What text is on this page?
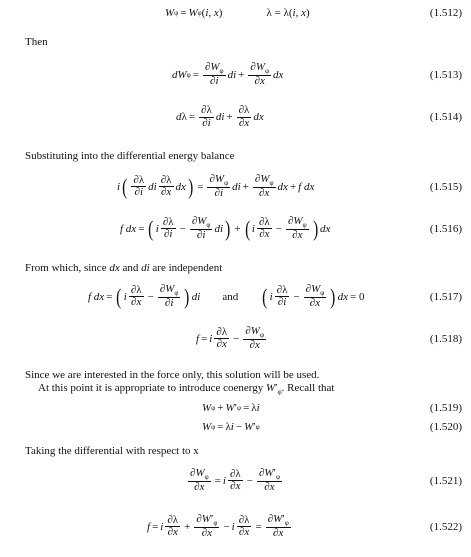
W φ = W φ (i, x)	λ = λ(i, x)	(1.512)
Then
dW $\varphi = \frac{\partial W_\varphi}{\partial i}$ di + $\frac{\partial W_\varphi}{\partial x}$ dx	(1.513)
d $\lambda = \frac{\partial\lambda}{\partial i}$ di + $\frac{\partial\lambda}{\partial x}$ dx	(1.514)
Substituting into the differential energy balance
i ( $\frac{\partial\lambda}{\partial i}$ di $\frac{\partial\lambda}{\partial x}$ dx ) = $\frac{\partial W_\varphi}{\partial i}$ di + $\frac{\partial W_\varphi}{\partial x}$ dx + f dx	(1.515)
f dx = ( i $\frac{\partial\lambda}{\partial i} - \frac{\partial W_\varphi}{\partial i}$ di ) + ( i $\frac{\partial\lambda}{\partial x} - \frac{\partial W_\varphi}{\partial x}$ ) dx	(1.516)
From which, since dx and di are independent
f dx = ( i $\frac{\partial\lambda}{\partial x} - \frac{\partial W_\varphi}{\partial i}$ ) di and ( i $\frac{\partial\lambda}{\partial i} - \frac{\partial W_\varphi}{\partial x}$ ) dx = 0	(1.517)
f = i $\frac{\partial\lambda}{\partial x} - \frac{\partial W_\varphi}{\partial x}$	(1.518)
Since we are interested in the force only, this solution will be used.
At this point it is appropriate to introduce coenergy $W'_\varphi$. Recall that
W φ + W ′ φ = λ i	(1.519)
W φ = λ i − W ′ φ	(1.520)
Taking the differential with respect to x
$\frac{\partial W_\varphi}{\partial x} = i \frac{\partial\lambda}{\partial x} - \frac{\partial W'_\varphi}{\partial x}$	(1.521)
f = i $\frac{\partial\lambda}{\partial x} + \frac{\partial W'_\varphi}{\partial x} - i \frac{\partial\lambda}{\partial x} = \frac{\partial W'_\varphi}{\partial x}$	(1.522)
